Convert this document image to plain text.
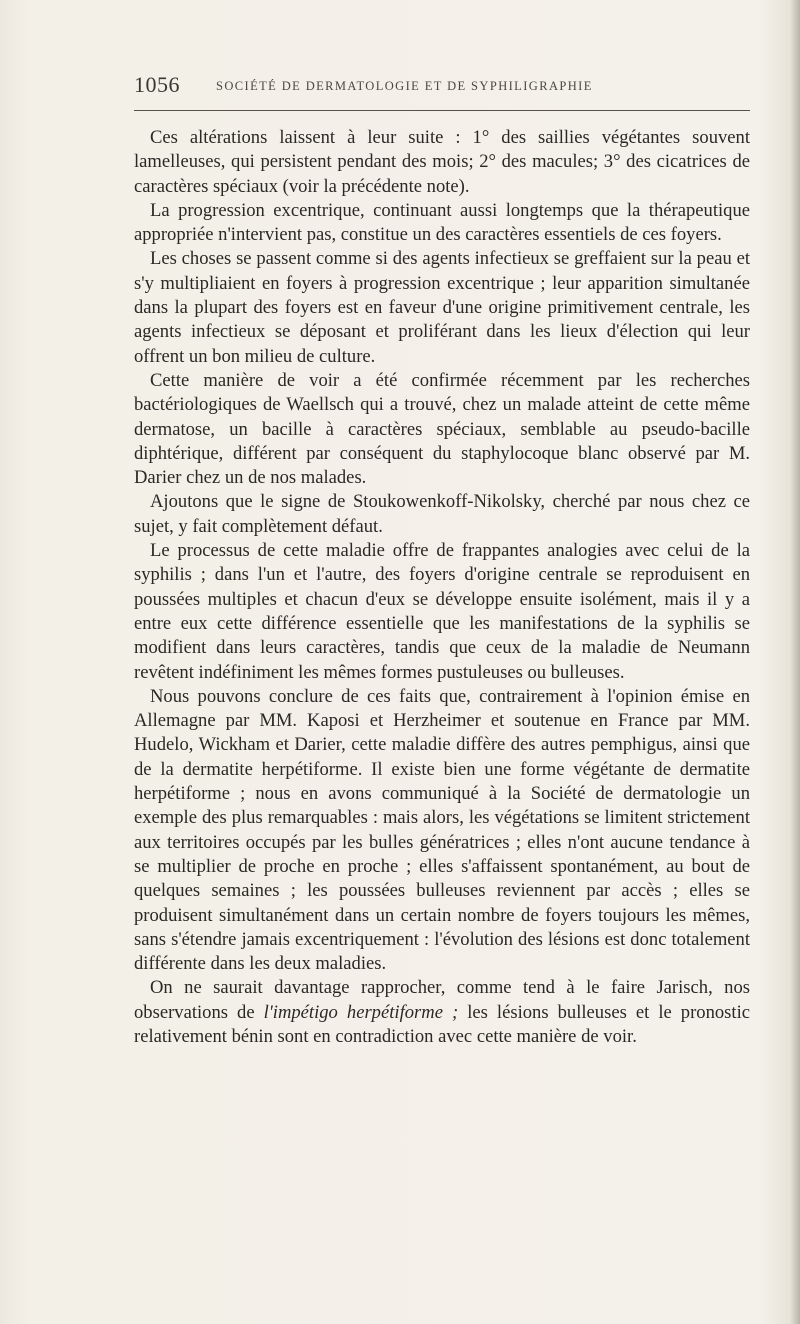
1056	SOCIÉTÉ DE DERMATOLOGIE ET DE SYPHILIGRAPHIE

Ces altérations laissent à leur suite : 1° des saillies végétantes souvent lamelleuses, qui persistent pendant des mois; 2° des macules; 3° des cicatrices de caractères spéciaux (voir la précédente note).

La progression excentrique, continuant aussi longtemps que la thérapeutique appropriée n'intervient pas, constitue un des caractères essentiels de ces foyers.

Les choses se passent comme si des agents infectieux se greffaient sur la peau et s'y multipliaient en foyers à progression excentrique ; leur apparition simultanée dans la plupart des foyers est en faveur d'une origine primitivement centrale, les agents infectieux se déposant et proliférant dans les lieux d'élection qui leur offrent un bon milieu de culture.

Cette manière de voir a été confirmée récemment par les recherches bactériologiques de Waellsch qui a trouvé, chez un malade atteint de cette même dermatose, un bacille à caractères spéciaux, semblable au pseudo-bacille diphtérique, différent par conséquent du staphylocoque blanc observé par M. Darier chez un de nos malades.

Ajoutons que le signe de Stoukowenkoff-Nikolsky, cherché par nous chez ce sujet, y fait complètement défaut.

Le processus de cette maladie offre de frappantes analogies avec celui de la syphilis ; dans l'un et l'autre, des foyers d'origine centrale se reproduisent en poussées multiples et chacun d'eux se développe ensuite isolément, mais il y a entre eux cette différence essentielle que les manifestations de la syphilis se modifient dans leurs caractères, tandis que ceux de la maladie de Neumann revêtent indéfiniment les mêmes formes pustuleuses ou bulleuses.

Nous pouvons conclure de ces faits que, contrairement à l'opinion émise en Allemagne par MM. Kaposi et Herzheimer et soutenue en France par MM. Hudelo, Wickham et Darier, cette maladie diffère des autres pemphigus, ainsi que de la dermatite herpétiforme. Il existe bien une forme végétante de dermatite herpétiforme ; nous en avons communiqué à la Société de dermatologie un exemple des plus remarquables : mais alors, les végétations se limitent strictement aux territoires occupés par les bulles génératrices ; elles n'ont aucune tendance à se multiplier de proche en proche ; elles s'affaissent spontanément, au bout de quelques semaines ; les poussées bulleuses reviennent par accès ; elles se produisent simultanément dans un certain nombre de foyers toujours les mêmes, sans s'étendre jamais excentriquement : l'évolution des lésions est donc totalement différente dans les deux maladies.

On ne saurait davantage rapprocher, comme tend à le faire Jarisch, nos observations de l'impétigo herpétiforme ; les lésions bulleuses et le pronostic relativement bénin sont en contradiction avec cette manière de voir.
